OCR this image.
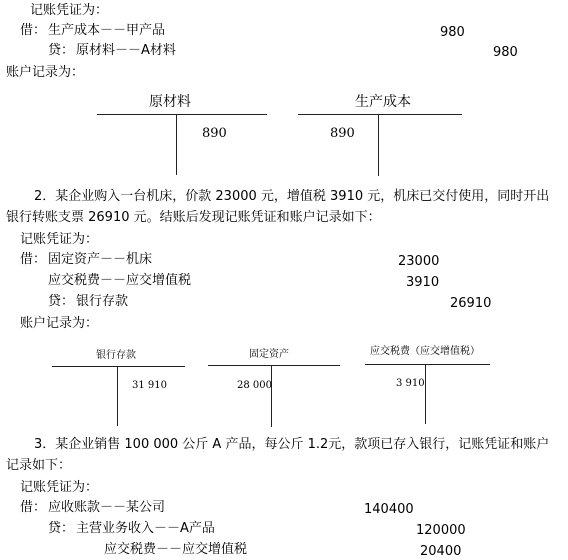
记账凭证为：
借： 生产成本－－甲产品	980
贷： 原材料－－A材料	980
账户记录为：
原材料
890
生产成本
890
2．某企业购入一台机床，价款 23000 元，增值税 3910 元，机床已交付使用，同时开出
银行转账支票 26910 元。结账后发现记账凭证和账户记录如下：
记账凭证为：
借： 固定资产－－机床	23000
应交税费－－应交增值税	3910
贷： 银行存款	26910
账户记录为：
银行存款
31 910
固定资产
28 000
应交税费（应交增值税）
3 910
3．某企业销售 100 000 公斤 A 产品，每公斤 1.2元，款项已存入银行，记账凭证和账户
记录如下：
记账凭证为：
借： 应收账款－－某公司	140400
贷： 主营业务收入－－A产品	120000
应交税费－－应交增值税	20400
